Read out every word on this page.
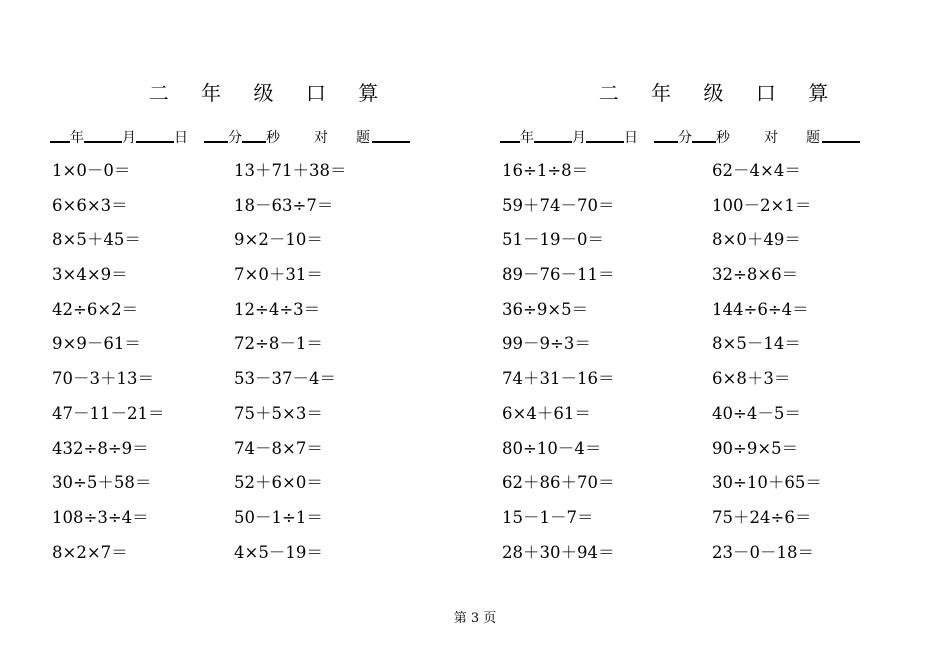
二 年 级 口 算
年	月	日	分 秒 对 题
1×0－0＝	13＋71＋38＝
6×6×3＝	18－63÷7＝
8×5＋45＝	9×2－10＝
3×4×9＝	7×0＋31＝
42÷6×2＝	12÷4÷3＝
9×9－61＝	72÷8－1＝
70－3＋13＝	53－37－4＝
47－11－21＝	75＋5×3＝
432÷8÷9＝	74－8×7＝
30÷5＋58＝	52＋6×0＝
108÷3÷4＝	50－1÷1＝
8×2×7＝	4×5－19＝
二 年 级 口 算
年	月	日	分 秒 对 题
16÷1÷8＝	62－4×4＝
59＋74－70＝	100－2×1＝
51－19－0＝	8×0＋49＝
89－76－11＝	32÷8×6＝
36÷9×5＝	144÷6÷4＝
99－9÷3＝	8×5－14＝
74＋31－16＝	6×8＋3＝
6×4＋61＝	40÷4－5＝
80÷10－4＝	90÷9×5＝
62＋86＋70＝	30÷10＋65＝
15－1－7＝	75＋24÷6＝
28＋30＋94＝	23－0－18＝
第 3 页
